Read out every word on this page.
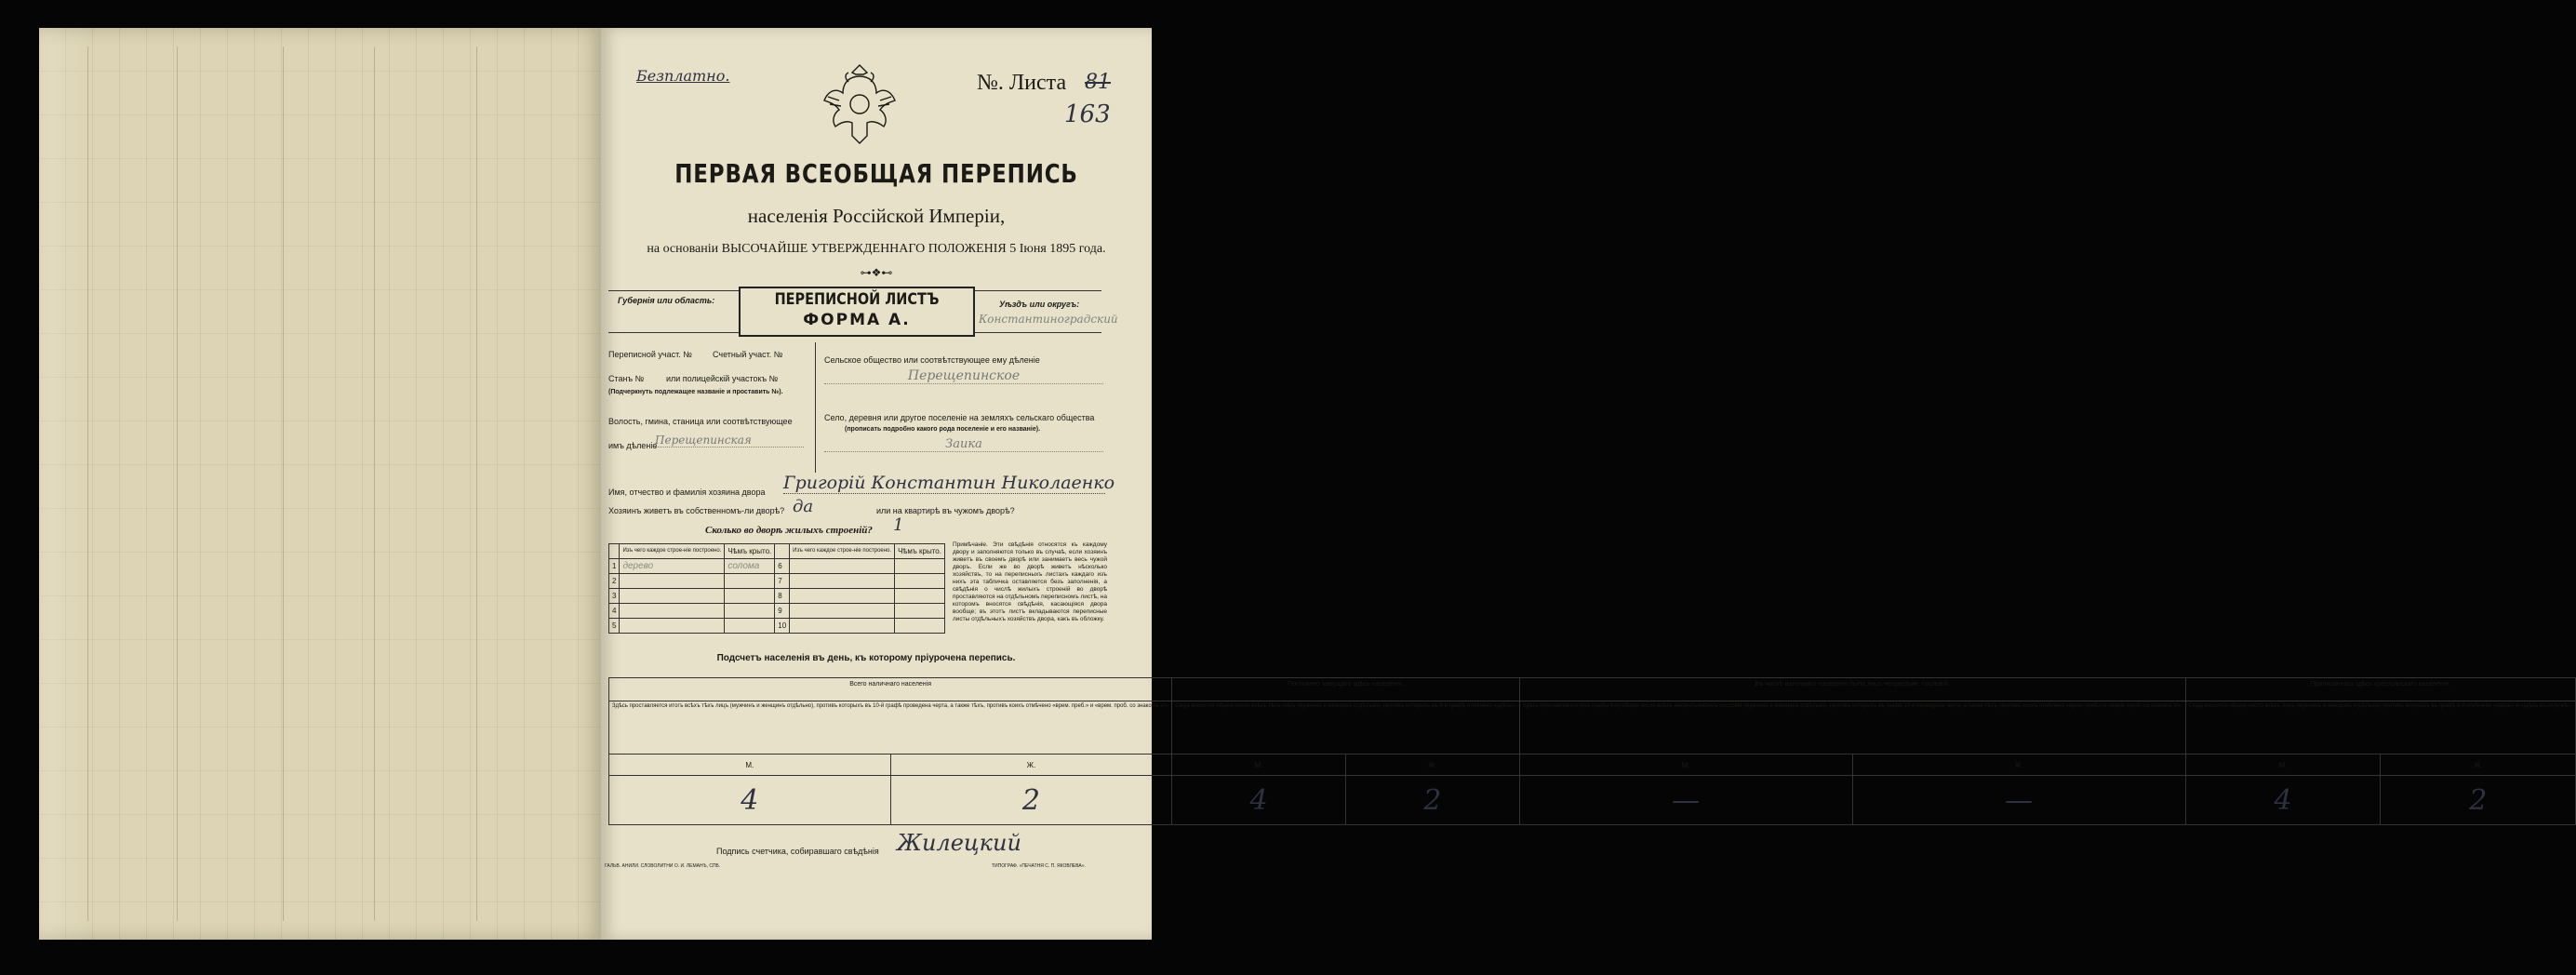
Безплатно.	№. Листа 81
163
ПЕРВАЯ ВСЕОБЩАЯ ПЕРЕПИСЬ
населенія Россійской Имперіи,
на основаніи ВЫСОЧАЙШЕ УТВЕРЖДЕННАГО ПОЛОЖЕНІЯ 5 Іюня 1895 года.
⊶❖⊷
Губернія или область:	ПЕРЕПИСНОЙ ЛИСТЪ
ФОРМА А.
Уѣздъ или округъ:
Константиноградский
Переписной участ. № Счетный участ. №
Станъ №	или полицейскій участокъ №
(Подчеркнуть подлежащее названіе и проставить №).
Волость, гмина, станица или соотвѣтствующее
имъ дѣленіе
Перещепинская
Сельское общество или соотвѣтствующее ему дѣленіе
Перещепинское
Село, деревня или другое поселеніе на земляхъ сельскаго общества
(прописать подробно какого рода поселеніе и его названіе).
Заика
Имя, отчество и фамилія хозяина двора Григорій Константин Николаенко
Хозяинъ живетъ въ собственномъ-ли дворѣ? да	или на квартирѣ въ чужомъ дворѣ?
Сколько во дворѣ жилыхъ строеній? 1
	Изъ чего каждое строе-ніе построено.	Чѣмъ крыто.		Изъ чего каждое строе-ніе построено.	Чѣмъ крыто.
1	дерево	солома	6		
2			7		
3			8		
4			9		
5			10		
Примѣчаніе. Эти свѣдѣнія относятся къ каждому двору и заполняются только въ случаѣ, если хозяинъ живетъ въ своемъ дворѣ или занимаетъ весь чужой дворъ. Если же во дворѣ живетъ нѣсколько хозяйствъ, то на переписныхъ листахъ каждаго изъ нихъ эта табличка оставляется безъ заполненія, а свѣдѣнія о числѣ жилыхъ строеній во дворѣ проставляются на отдѣльномъ переписномъ листѣ, на которомъ вносятся свѣдѣнія, касающіяся двора вообще; въ этотъ листъ вкладываются переписные листы отдѣльныхъ хозяйствъ двора, какъ въ обложку.
Подсчетъ населенія въ день, къ которому пріурочена перепись.
Всего наличнаго населенія		Постоянно живущаго здѣсь населенія.		Въ числѣ наличнаго населенія было лицъ некрестьян. сословій.		Приписаннаго здѣсь крестьянскаго населенія.	
Здѣсь проставляется итогъ всѣхъ тѣхъ лицъ (мужчинъ и женщинъ отдѣльно), противъ которыхъ въ 10-й графѣ проведена черта, а также тѣхъ, противъ коихъ отмѣчено «врем. преб.» и «врем. проб. со знакомъ V».		Сюда вносится общее число всѣхъ тѣхъ лицъ (мужчинъ и женщинъ отдѣльно), противъ которыхъ въ 9-й графѣ отмѣчено «здѣсь».		Здѣсь проставляется (изъ графы 6-й) общее число всѣхъ некрестьянскихъ сословій (мужчинъ и женщинъ отдѣльно), противъ которыхъ въ графѣ 10-й проведена черта, а также тѣхъ, противъ коихъ отмѣчено «врем. преб.» и «врем. проб. со знакомъ V».		Сюда вносится общее число всѣхъ лицъ (мужчинъ и женщинъ отдѣльно), противъ которыхъ въ графѣ 8-й отмѣчено «здѣсь» и «здѣсь въ отлучкѣ».	
М.	Ж.	М.	Ж.	М.	Ж.	М.	Ж.
4	2	4	2	—	—	4	2
Подпись счетчика, собиравшаго свѣдѣнія Жилецкий
ГАЛЬВ. АНИЛИ. СЛОВОЛИТНИ О. И. ЛЕМАНЪ, СПБ.	ТИПОГРАФ. «ПЕЧАТНЯ С. П. ЯКОВЛЕВА».
